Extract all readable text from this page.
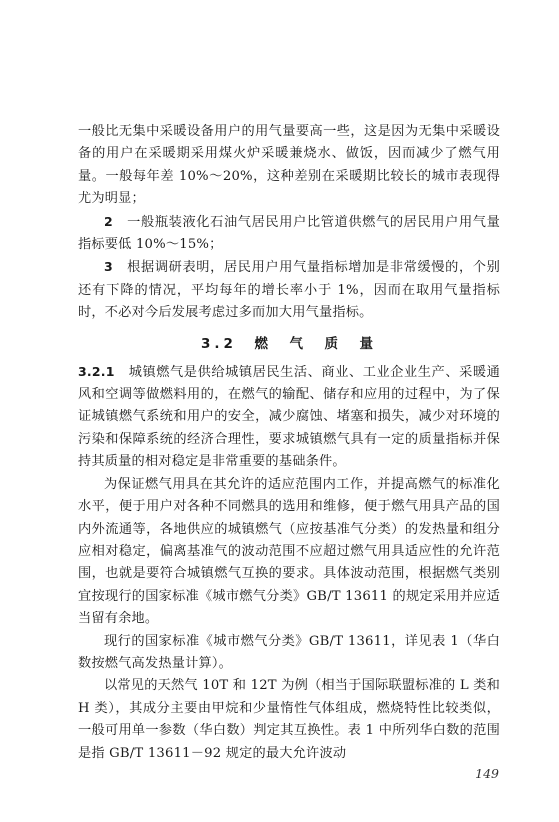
一般比无集中采暖设备用户的用气量要高一些，这是因为无集中采暖设备的用户在采暖期采用煤火炉采暖兼烧水、做饭，因而减少了燃气用量。一般每年差 10%～20%，这种差别在采暖期比较长的城市表现得尤为明显；

2　 一般瓶装液化石油气居民用户比管道供燃气的居民用户用气量指标要低 10%～15%；

3　 根据调研表明，居民用户用气量指标增加是非常缓慢的，个别还有下降的情况，平均每年的增长率小于 1%，因而在取用气量指标时，不必对今后发展考虑过多而加大用气量指标。

3.2　燃　气　质　量

3.2.1　 城镇燃气是供给城镇居民生活、商业、工业企业生产、采暖通风和空调等做燃料用的，在燃气的输配、储存和应用的过程中，为了保证城镇燃气系统和用户的安全，减少腐蚀、堵塞和损失，减少对环境的污染和保障系统的经济合理性，要求城镇燃气具有一定的质量指标并保持其质量的相对稳定是非常重要的基础条件。

为保证燃气用具在其允许的适应范围内工作，并提高燃气的标准化水平，便于用户对各种不同燃具的选用和维修，便于燃气用具产品的国内外流通等，各地供应的城镇燃气（应按基准气分类）的发热量和组分应相对稳定，偏离基准气的波动范围不应超过燃气用具适应性的允许范围，也就是要符合城镇燃气互换的要求。具体波动范围，根据燃气类别宜按现行的国家标准《城市燃气分类》GB/T 13611 的规定采用并应适当留有余地。

现行的国家标准《城市燃气分类》GB/T 13611，详见表 1（华白数按燃气高发热量计算）。

以常见的天然气 10T 和 12T 为例（相当于国际联盟标准的 L 类和 H 类），其成分主要由甲烷和少量惰性气体组成，燃烧特性比较类似，一般可用单一参数（华白数）判定其互换性。表 1 中所列华白数的范围是指 GB/T 13611－92 规定的最大允许波动

149
